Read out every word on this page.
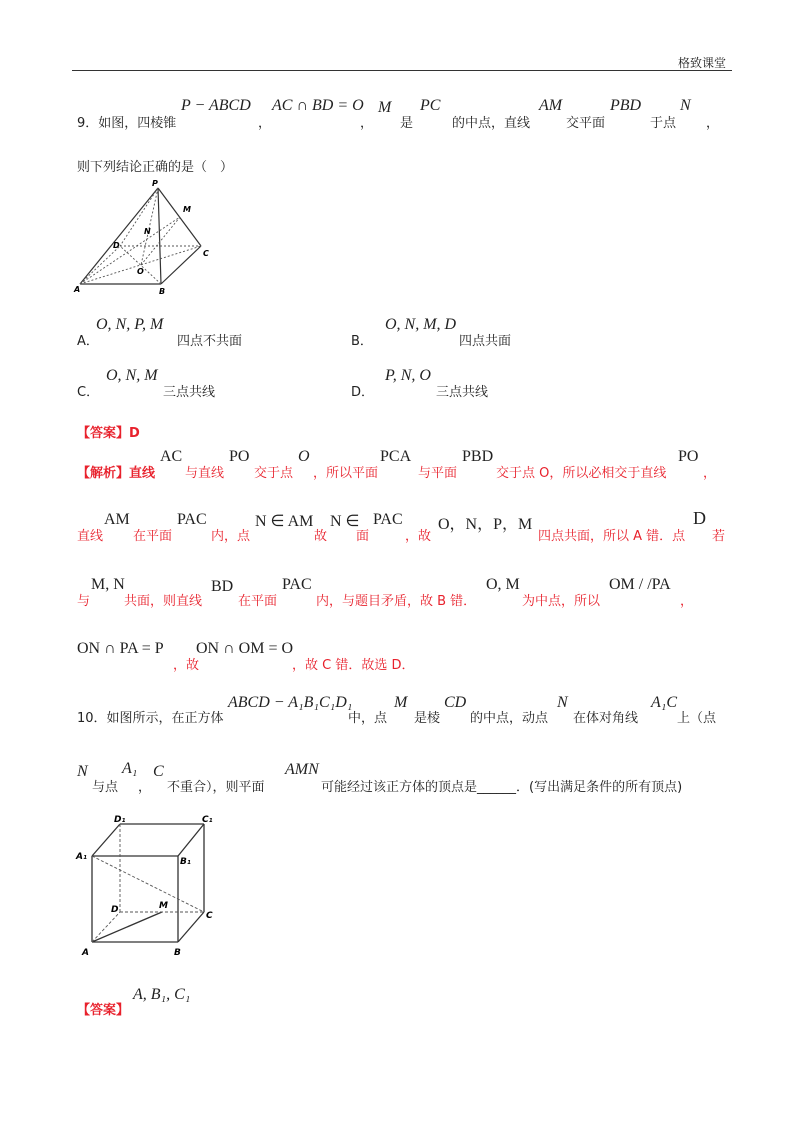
格致课堂
9．如图，四棱锥
P − ABCD
，
AC ∩ BD = O
，
M
是
PC
的中点，直线
AM
交平面
PBD
于点
N
，
则下列结论正确的是（　）
P
M
N
D
O
C
A	B
A．
O, N, P, M
四点不共面	B．
O, N, M, D
四点共面
C．
O, N, M
三点共线	D．
P, N, O
三点共线
【答案】D
【解析】直线
AC
与直线
PO
交于点
O
，所以平面
PCA
与平面
PBD
交于点 O，所以必相交于直线
PO
，
直线
AM
在平面
PAC
内，点
N ∈ AM
故
N ∈
面
PAC
，故
O，N，P，M
四点共面，所以 A 错．点
D
若
与
M, N
共面，则直线
BD
在平面
PAC
内，与题目矛盾，故 B 错．
O, M
为中点，所以
OM / /PA
，
ON ∩ PA = P
，故
ON ∩ OM = O
，故 C 错．故选 D．
10．如图所示，在正方体
ABCD − A₁B₁C₁D₁
中，点
M
是棱
CD
的中点，动点
N
在体对角线
A₁C
上（点
N
与点
A₁
，
C
不重合），则平面
AMN
可能经过该正方体的顶点是______．(写出满足条件的所有顶点)
D₁	C₁
A₁	B₁
D	M
C
A	B
【答案】
A, B₁, C₁
